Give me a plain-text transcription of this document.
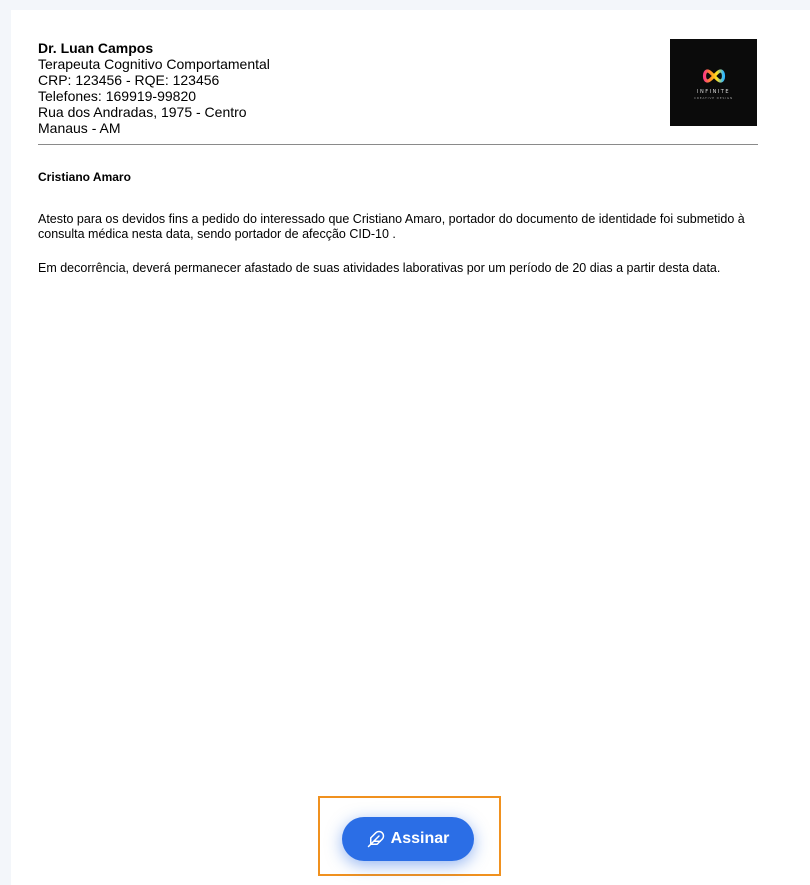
Dr. Luan Campos
Terapeuta Cognitivo Comportamental
CRP: 123456 - RQE: 123456
Telefones: 169919-99820
Rua dos Andradas, 1975 - Centro
Manaus - AM
INFINITE
CREATIVE DESIGN
Cristiano Amaro
Atesto para os devidos fins a pedido do interessado que Cristiano Amaro, portador do documento de identidade foi submetido à consulta médica nesta data, sendo portador de afecção CID-10 .
Em decorrência, deverá permanecer afastado de suas atividades laborativas por um período de 20 dias a partir desta data.
Assinar
